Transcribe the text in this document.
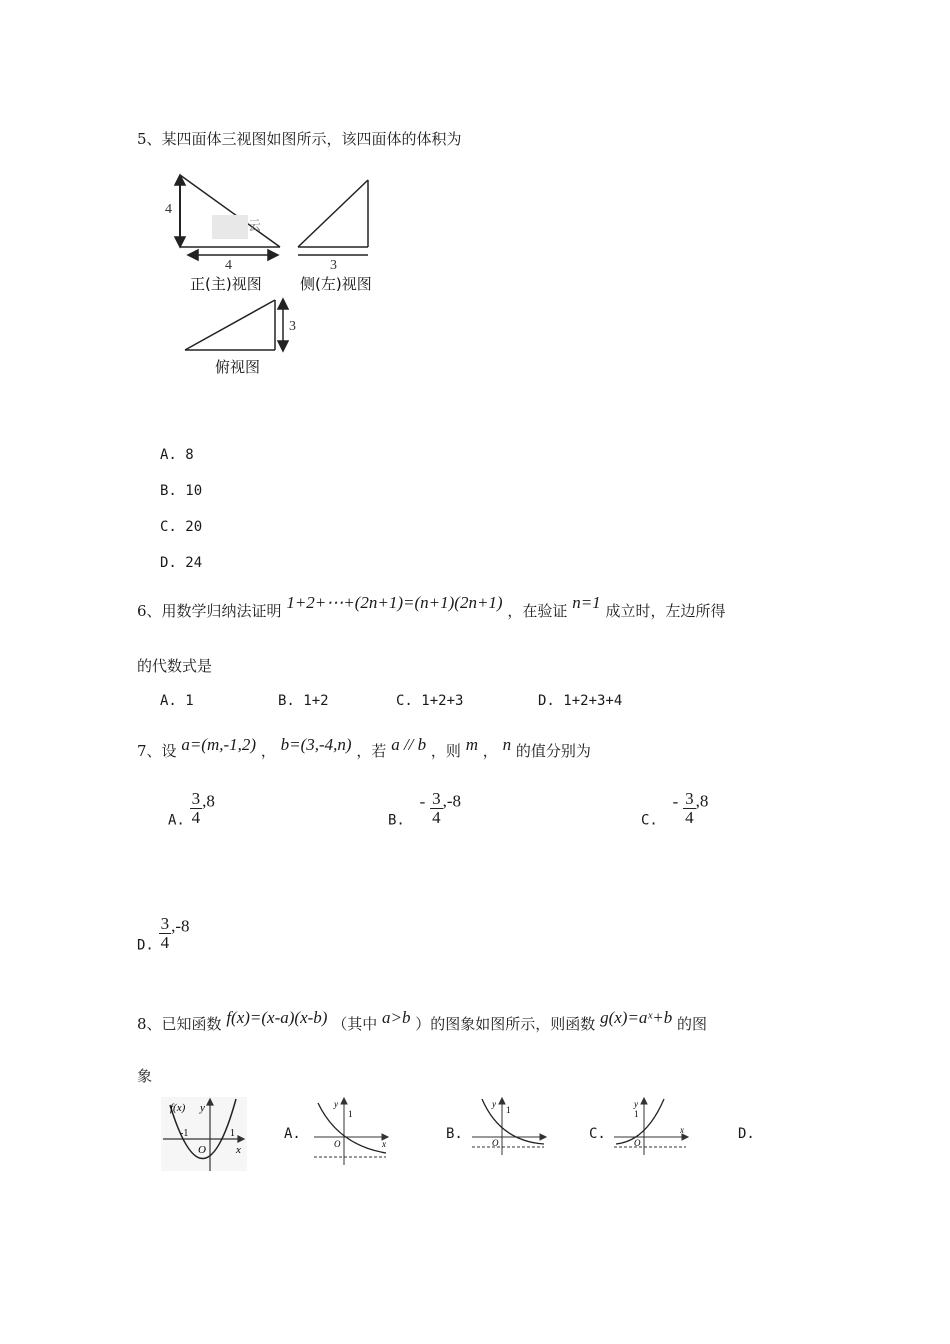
5、某四面体三视图如图所示，该四面体的体积为
云
4
4	3
3
正(主)视图	侧(左)视图
俯视图
A. 8
B. 10
C. 20
D. 24
6、用数学归纳法证明 1+2+⋯+(2n+1)=(n+1)(2n+1) ，在验证 n=1 成立时，左边所得
的代数式是
A. 1	B. 1+2	C. 1+2+3	D. 1+2+3+4
7、设 a=(m,-1,2) ， b=(3,-4,n) ，若 a // b ，则 m ， n 的值分别为
A. $\frac{3}{4} ,8$
B. - $\frac{3}{4} ,-8$
C. - $\frac{3}{4} ,8$
D. $\frac{3}{4} ,-8$
8、已知函数 f(x)=(x-a)(x-b) （其中 a>b ）的图象如图所示，则函数 g(x)=aˣ+b 的图
象
f(x) y
-1	1
O	x
A.
y
1
O	x
B.
y
1
O
C.
y
1
O
x	D.
